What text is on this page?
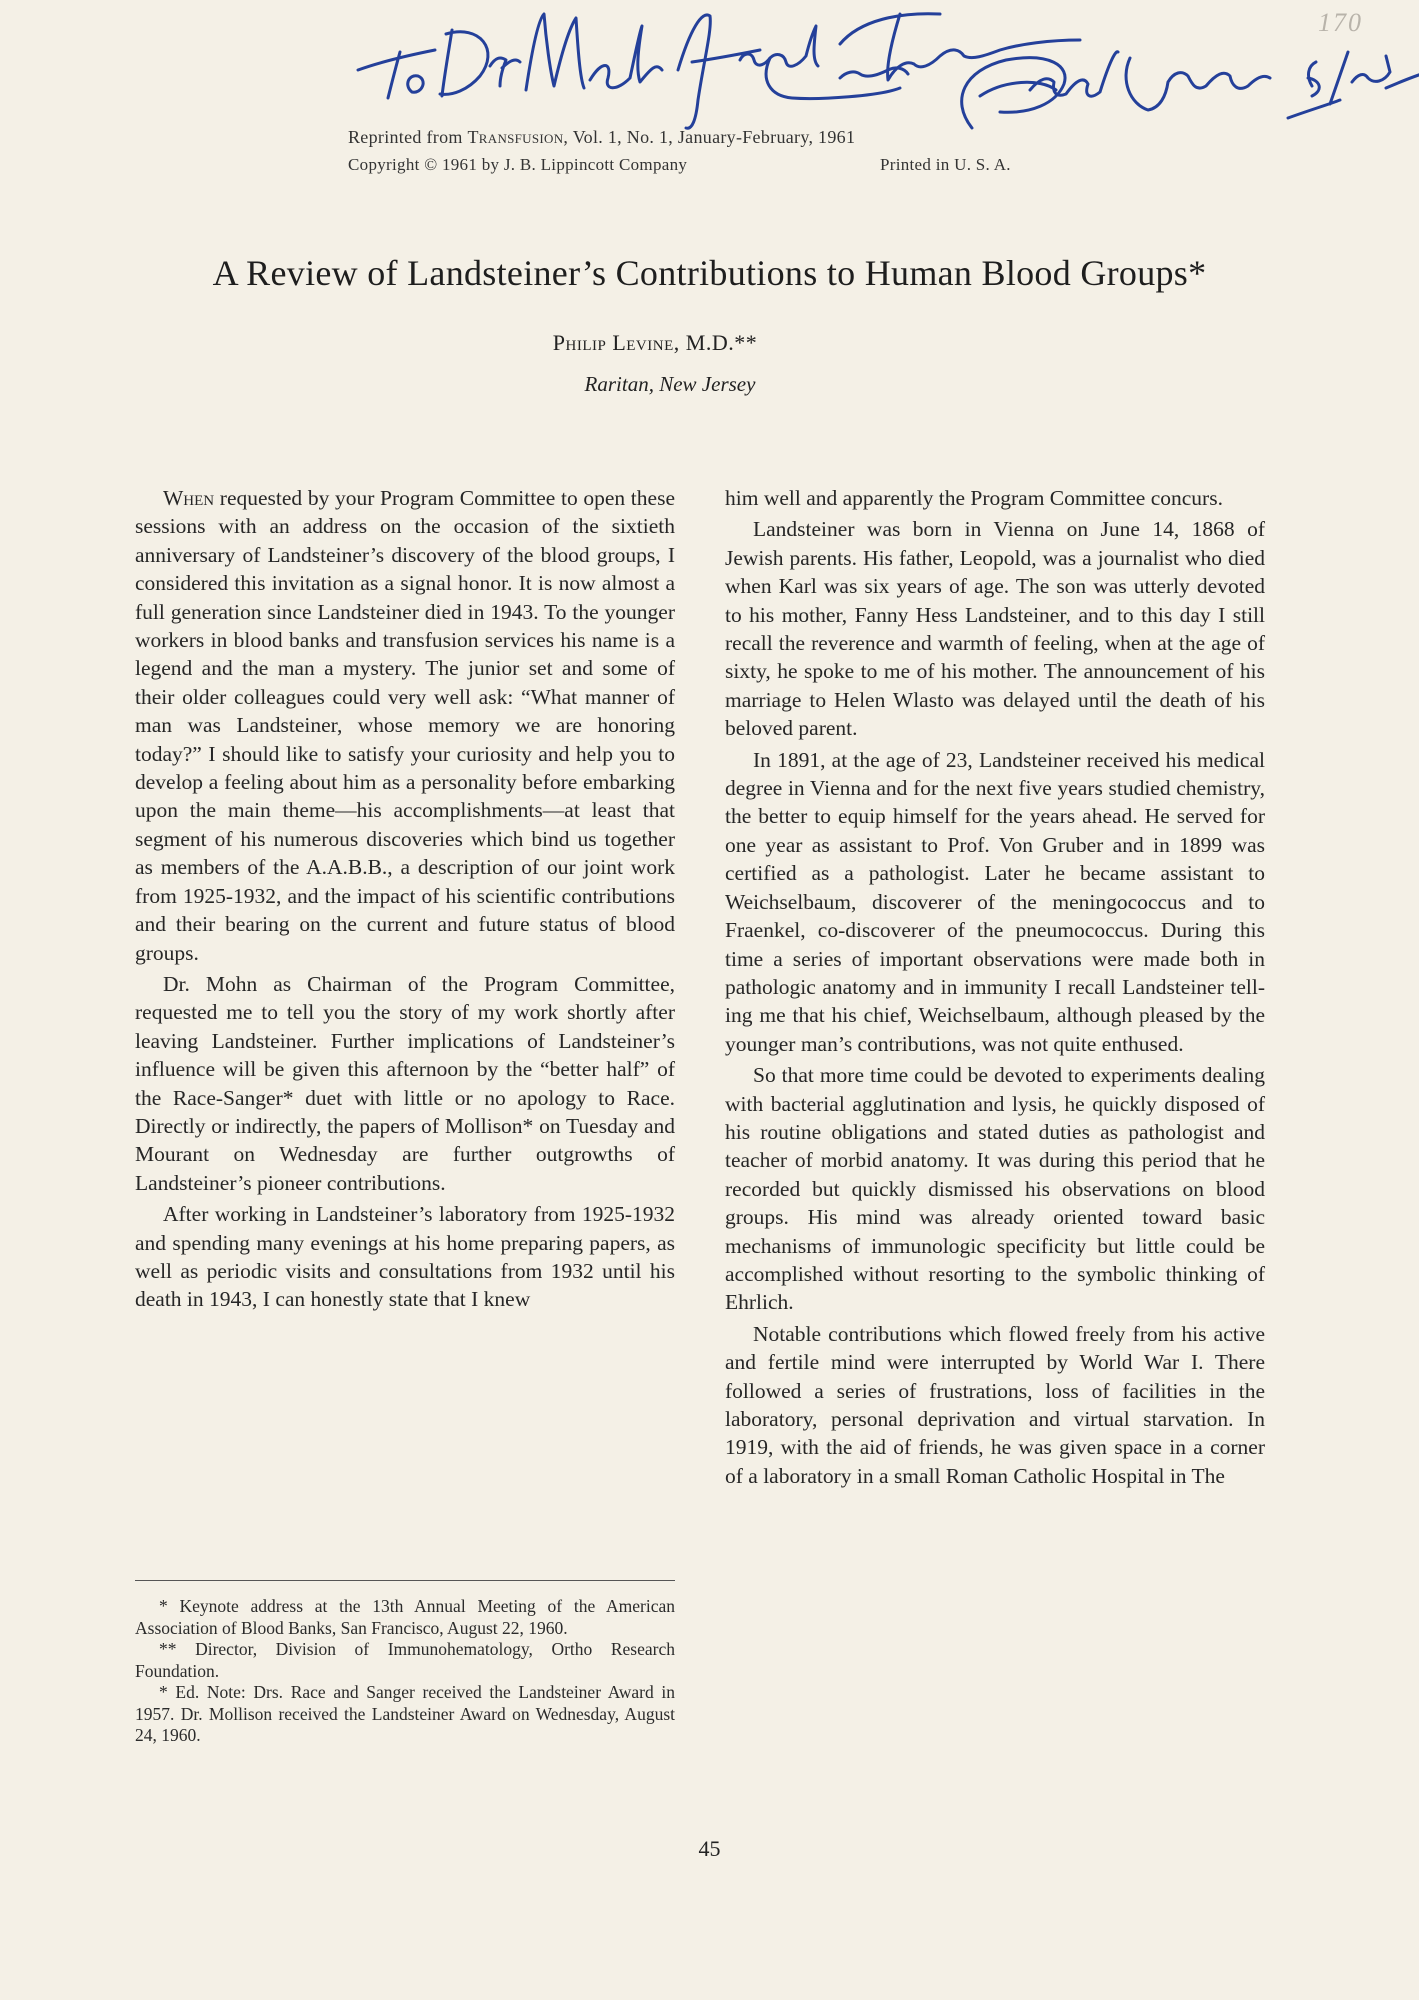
170
Reprinted from Transfusion, Vol. 1, No. 1, January-February, 1961
Copyright © 1961 by J. B. Lippincott Company	Printed in U. S. A.
A Review of Landsteiner’s Contributions to Human Blood Groups*
Philip Levine, M.D.**
Raritan, New Jersey

When requested by your Program Committee to open these sessions with an address on the occasion of the sixtieth anniversary of Landsteiner’s discovery of the blood groups, I considered this invitation as a signal honor. It is now almost a full generation since Landsteiner died in 1943. To the younger workers in blood banks and transfusion services his name is a legend and the man a mystery. The junior set and some of their older colleagues could very well ask: “What manner of man was Landsteiner, whose memory we are honoring today?” I should like to satisfy your curiosity and help you to develop a feeling about him as a personality before embarking upon the main theme—his accomplishments—at least that segment of his numerous discoveries which bind us together as members of the A.A.B.B., a description of our joint work from 1925-1932, and the impact of his scientific contributions and their bearing on the current and future status of blood groups.

Dr. Mohn as Chairman of the Program Committee, requested me to tell you the story of my work shortly after leaving Landsteiner. Further implications of Landsteiner’s influence will be given this afternoon by the “better half” of the Race-Sanger* duet with little or no apology to Race. Directly or indirectly, the papers of Mollison* on Tuesday and Mourant on Wednesday are further outgrowths of Landsteiner’s pioneer contributions.

After working in Landsteiner’s laboratory from 1925-1932 and spending many evenings at his home preparing papers, as well as periodic visits and consultations from 1932 until his death in 1943, I can honestly state that I knew

him well and apparently the Program Committee concurs.

Landsteiner was born in Vienna on June 14, 1868 of Jewish parents. His father, Leopold, was a journalist who died when Karl was six years of age. The son was utterly devoted to his mother, Fanny Hess Landsteiner, and to this day I still recall the reverence and warmth of feeling, when at the age of sixty, he spoke to me of his mother. The announcement of his marriage to Helen Wlasto was delayed until the death of his beloved parent.

In 1891, at the age of 23, Landsteiner received his medical degree in Vienna and for the next five years studied chemistry, the better to equip himself for the years ahead. He served for one year as assistant to Prof. Von Gruber and in 1899 was certified as a pathologist. Later he became assistant to Weichselbaum, discoverer of the meningococcus and to Fraenkel, co-discoverer of the pneumococcus. During this time a series of important observations were made both in pathologic anatomy and in immunity I recall Landsteiner telling me that his chief, Weichselbaum, although pleased by the younger man’s contributions, was not quite enthused.

So that more time could be devoted to experiments dealing with bacterial agglutination and lysis, he quickly disposed of his routine obligations and stated duties as pathologist and teacher of morbid anatomy. It was during this period that he recorded but quickly dismissed his observations on blood groups. His mind was already oriented toward basic mechanisms of immunologic specificity but little could be accomplished without resorting to the symbolic thinking of Ehrlich.

Notable contributions which flowed freely from his active and fertile mind were interrupted by World War I. There followed a series of frustrations, loss of facilities in the laboratory, personal deprivation and virtual starvation. In 1919, with the aid of friends, he was given space in a corner of a laboratory in a small Roman Catholic Hospital in The

* Keynote address at the 13th Annual Meeting of the American Association of Blood Banks, San Francisco, August 22, 1960.

** Director, Division of Immunohematology, Ortho Research Foundation.

* Ed. Note: Drs. Race and Sanger received the Landsteiner Award in 1957. Dr. Mollison received the Landsteiner Award on Wednesday, August 24, 1960.

45
